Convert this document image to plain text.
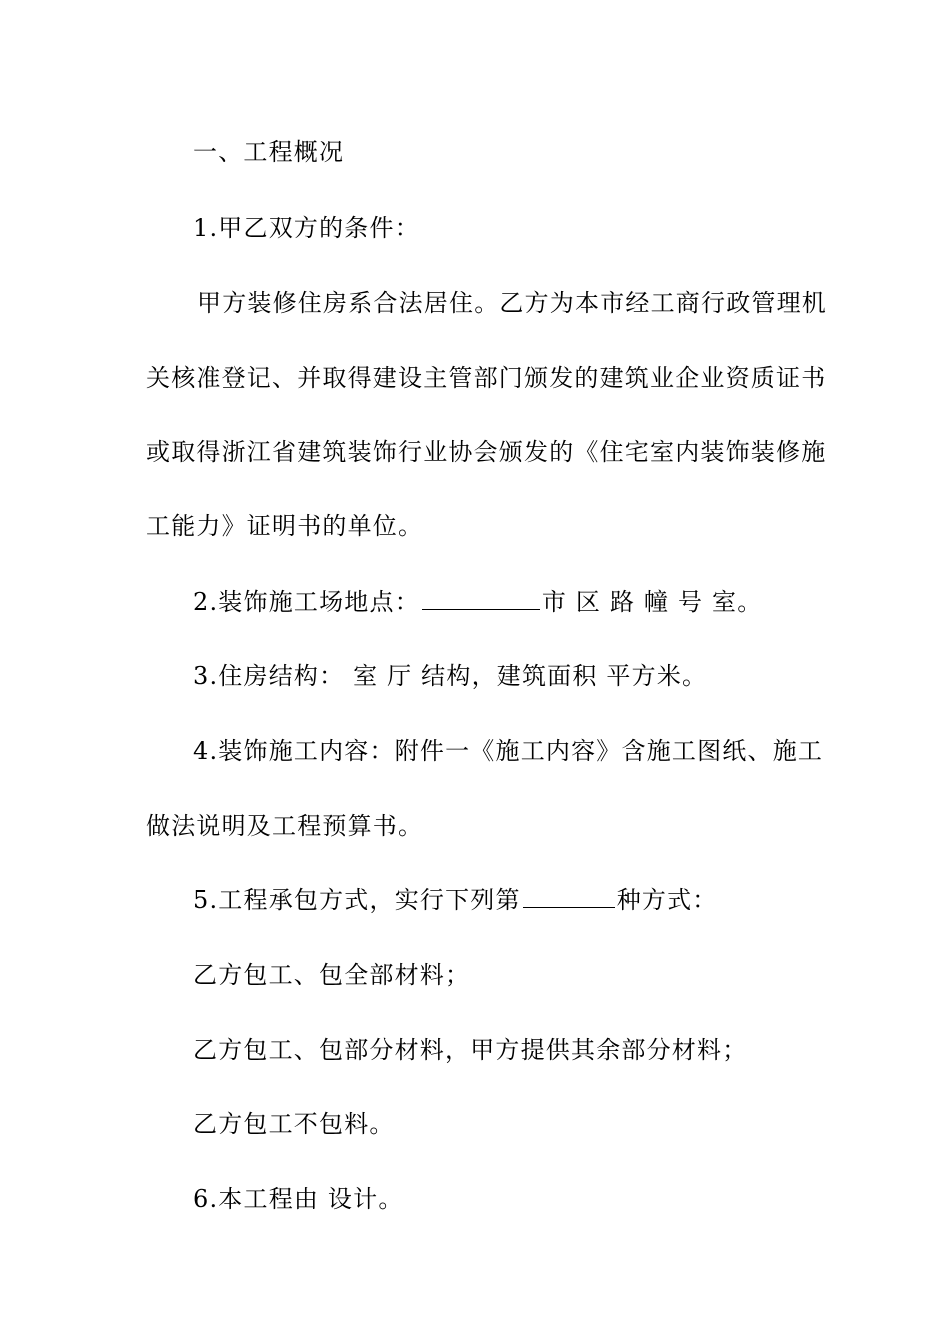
一、工程概况
1.甲乙双方的条件：
甲方装修住房系合法居住。乙方为本市经工商行政管理机
关核准登记、并取得建设主管部门颁发的建筑业企业资质证书
或取得浙江省建筑装饰行业协会颁发的《住宅室内装饰装修施
工能力》证明书的单位。
2.装饰施工场地点：	市 区 路 幢 号 室。
3.住房结构： 室 厅 结构，建筑面积 平方米。
4.装饰施工内容：附件一《施工内容》含施工图纸、施工
做法说明及工程预算书。
5.工程承包方式，实行下列第	种方式：
乙方包工、包全部材料；
乙方包工、包部分材料，甲方提供其余部分材料；
乙方包工不包料。
6.本工程由 设计。
